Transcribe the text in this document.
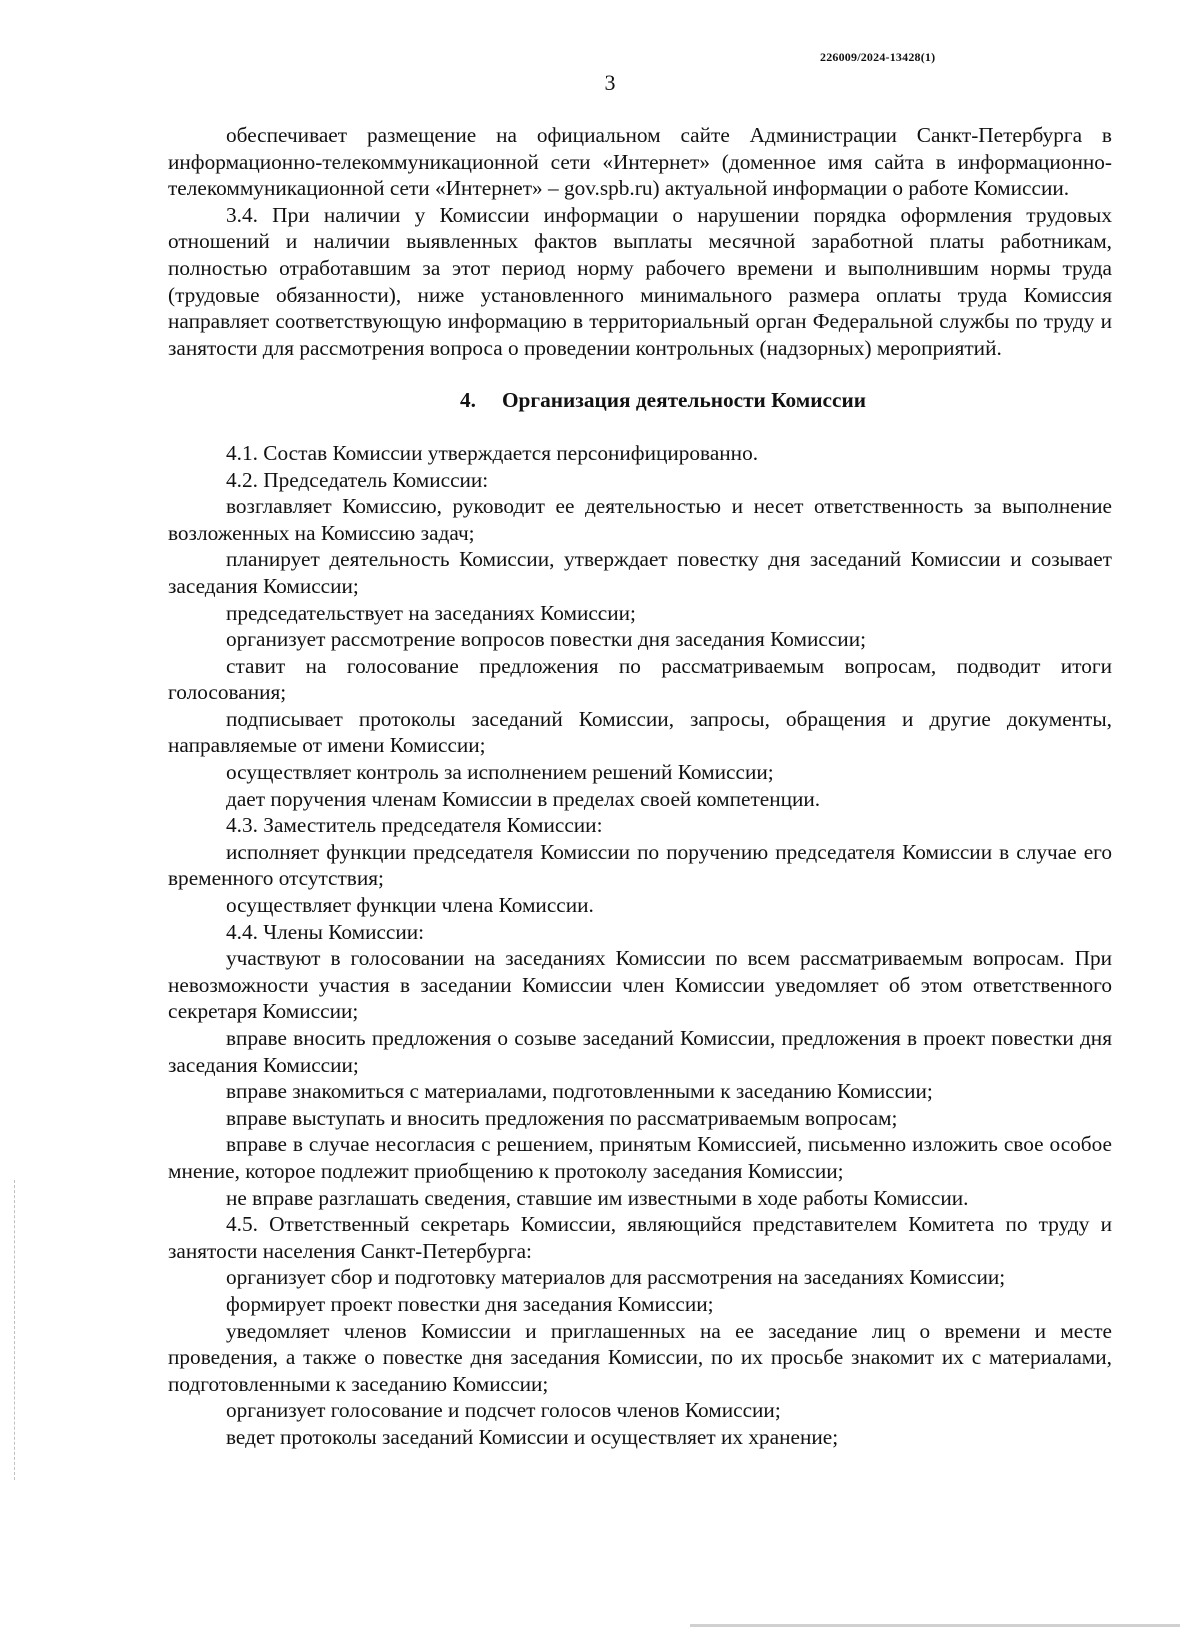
226009/2024-13428(1)
3

обеспечивает размещение на официальном сайте Администрации Санкт-Петербурга в информационно-телекоммуникационной сети «Интернет» (доменное имя сайта в информационно-телекоммуникационной сети «Интернет» – gov.spb.ru) актуальной информации о работе Комиссии.

3.4. При наличии у Комиссии информации о нарушении порядка оформления трудовых отношений и наличии выявленных фактов выплаты месячной заработной платы работникам, полностью отработавшим за этот период норму рабочего времени и выполнившим нормы труда (трудовые обязанности), ниже установленного минимального размера оплаты труда Комиссия направляет соответствующую информацию в территориальный орган Федеральной службы по труду и занятости для рассмотрения вопроса о проведении контрольных (надзорных) мероприятий.

4. Организация деятельности Комиссии

4.1. Состав Комиссии утверждается персонифицированно.

4.2. Председатель Комиссии:

возглавляет Комиссию, руководит ее деятельностью и несет ответственность за выполнение возложенных на Комиссию задач;

планирует деятельность Комиссии, утверждает повестку дня заседаний Комиссии и созывает заседания Комиссии;

председательствует на заседаниях Комиссии;

организует рассмотрение вопросов повестки дня заседания Комиссии;

ставит на голосование предложения по рассматриваемым вопросам, подводит итоги голосования;

подписывает протоколы заседаний Комиссии, запросы, обращения и другие документы, направляемые от имени Комиссии;

осуществляет контроль за исполнением решений Комиссии;

дает поручения членам Комиссии в пределах своей компетенции.

4.3. Заместитель председателя Комиссии:

исполняет функции председателя Комиссии по поручению председателя Комиссии в случае его временного отсутствия;

осуществляет функции члена Комиссии.

4.4. Члены Комиссии:

участвуют в голосовании на заседаниях Комиссии по всем рассматриваемым вопросам. При невозможности участия в заседании Комиссии член Комиссии уведомляет об этом ответственного секретаря Комиссии;

вправе вносить предложения о созыве заседаний Комиссии, предложения в проект повестки дня заседания Комиссии;

вправе знакомиться с материалами, подготовленными к заседанию Комиссии;

вправе выступать и вносить предложения по рассматриваемым вопросам;

вправе в случае несогласия с решением, принятым Комиссией, письменно изложить свое особое мнение, которое подлежит приобщению к протоколу заседания Комиссии;

не вправе разглашать сведения, ставшие им известными в ходе работы Комиссии.

4.5. Ответственный секретарь Комиссии, являющийся представителем Комитета по труду и занятости населения Санкт-Петербурга:

организует сбор и подготовку материалов для рассмотрения на заседаниях Комиссии;

формирует проект повестки дня заседания Комиссии;

уведомляет членов Комиссии и приглашенных на ее заседание лиц о времени и месте проведения, а также о повестке дня заседания Комиссии, по их просьбе знакомит их с материалами, подготовленными к заседанию Комиссии;

организует голосование и подсчет голосов членов Комиссии;

ведет протоколы заседаний Комиссии и осуществляет их хранение;
